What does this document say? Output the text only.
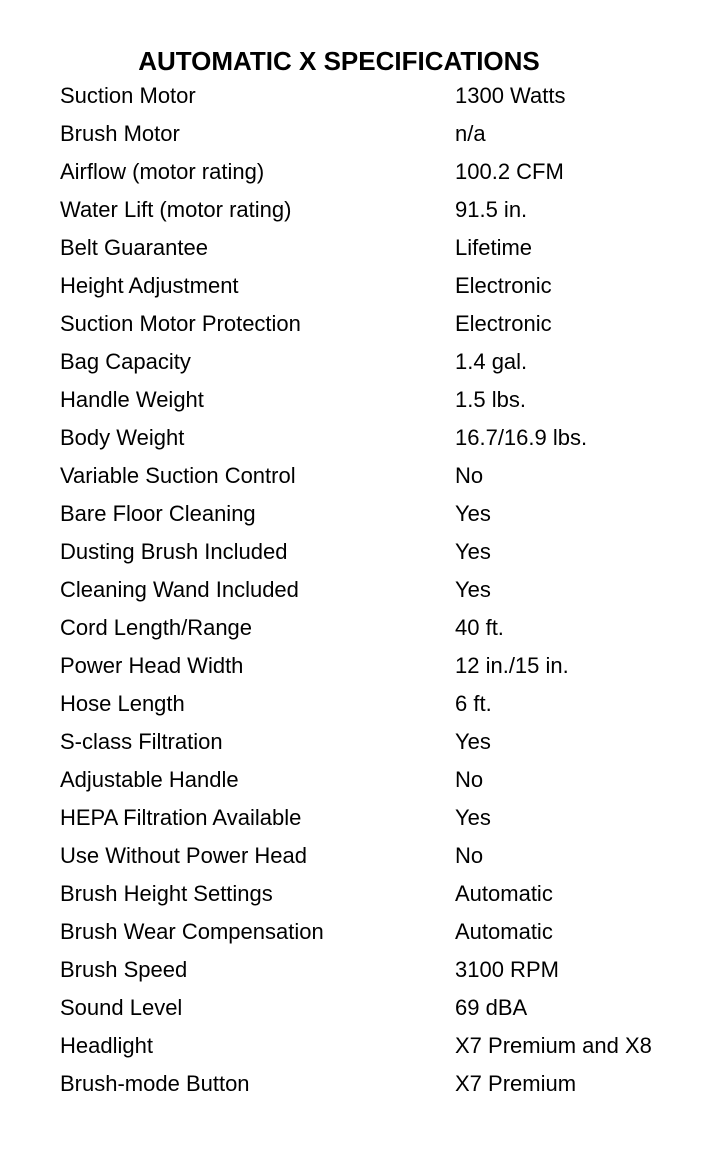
AUTOMATIC X SPECIFICATIONS
Suction Motor	1300 Watts
Brush Motor	n/a
Airflow (motor rating)	100.2 CFM
Water Lift (motor rating)	91.5 in.
Belt Guarantee	Lifetime
Height Adjustment	Electronic
Suction Motor Protection	Electronic
Bag Capacity	1.4 gal.
Handle Weight	1.5 lbs.
Body Weight	16.7/16.9 lbs.
Variable Suction Control	No
Bare Floor Cleaning	Yes
Dusting Brush Included	Yes
Cleaning Wand Included	Yes
Cord Length/Range	40 ft.
Power Head Width	12 in./15 in.
Hose Length	6 ft.
S-class Filtration	Yes
Adjustable Handle	No
HEPA Filtration Available	Yes
Use Without Power Head	No
Brush Height Settings	Automatic
Brush Wear Compensation	Automatic
Brush Speed	3100 RPM
Sound Level	69 dBA
Headlight	X7 Premium and X8
Brush-mode Button	X7 Premium
